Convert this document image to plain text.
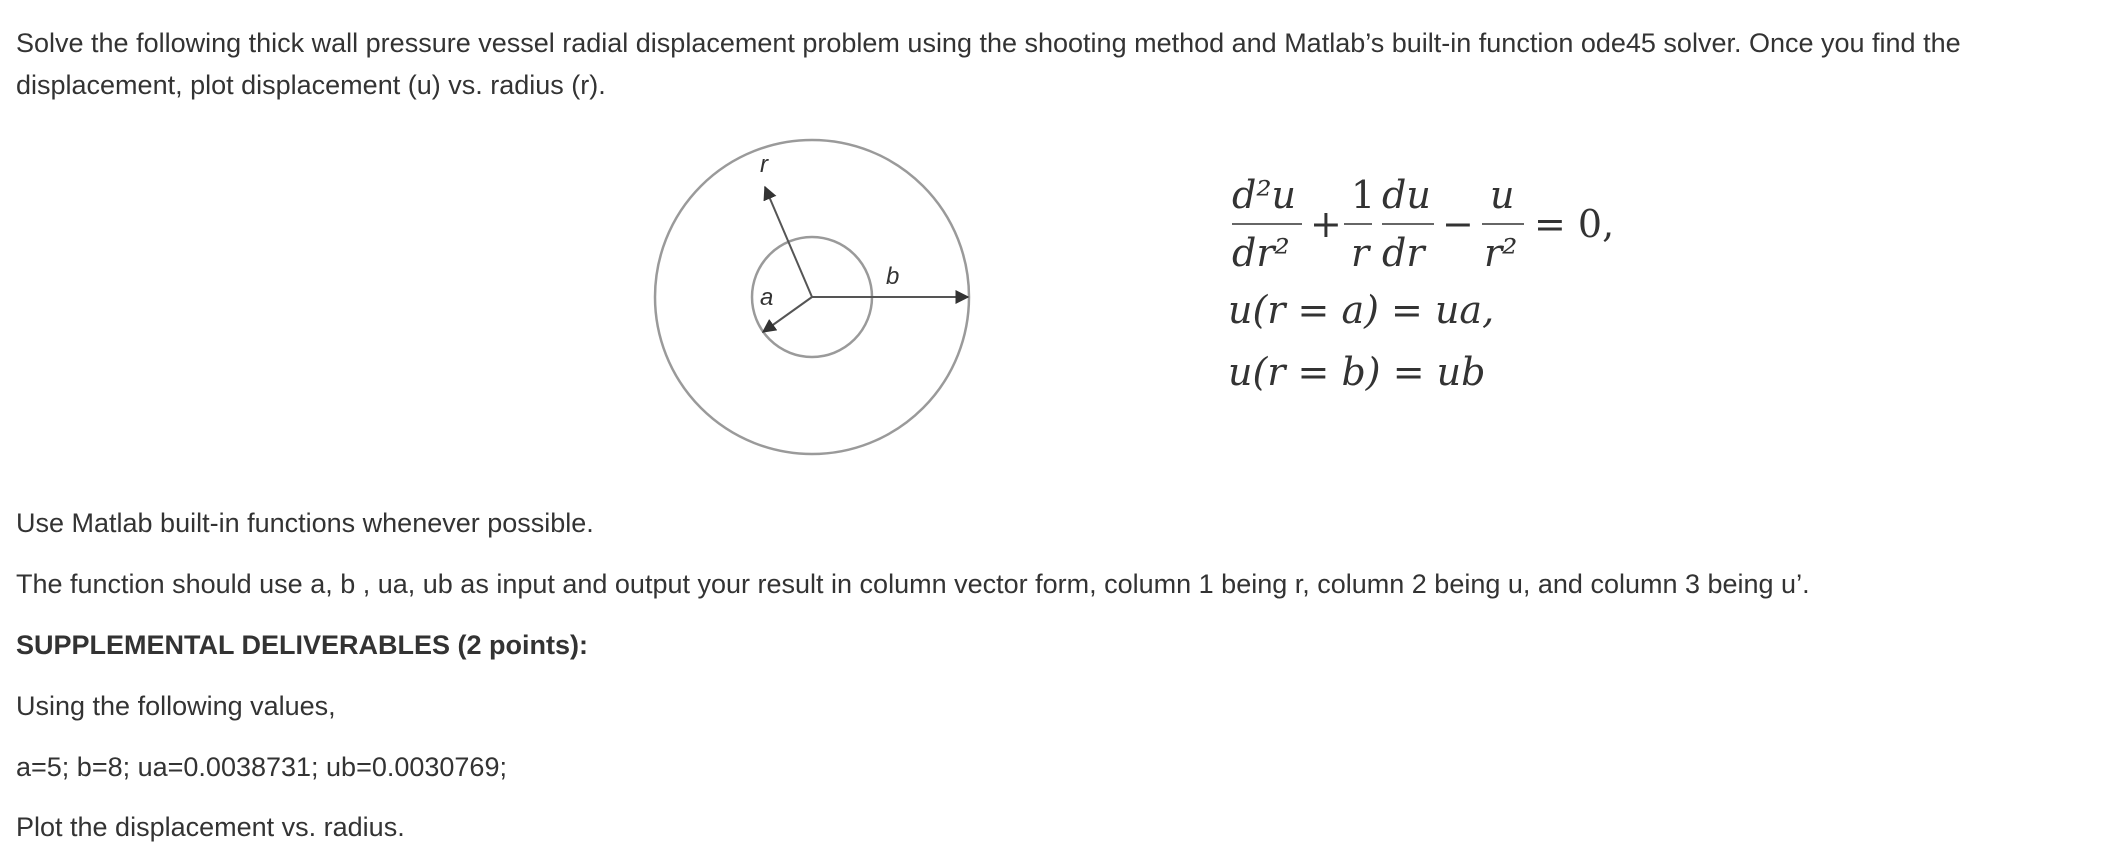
Solve the following thick wall pressure vessel radial displacement problem using the shooting method and Matlab’s built-in function ode45 solver. Once you find the
displacement, plot displacement (u) vs. radius (r).

r
a
b
d²u
dr²
+
1
r
du
dr
−
u
r²
= 0,
u(r = a) = ua,
u(r = b) = ub

Use Matlab built-in functions whenever possible.

The function should use a, b , ua, ub as input and output your result in column vector form, column 1 being r, column 2 being u, and column 3 being u’.

SUPPLEMENTAL DELIVERABLES (2 points):

Using the following values,

a=5; b=8; ua=0.0038731; ub=0.0030769;

Plot the displacement vs. radius.
